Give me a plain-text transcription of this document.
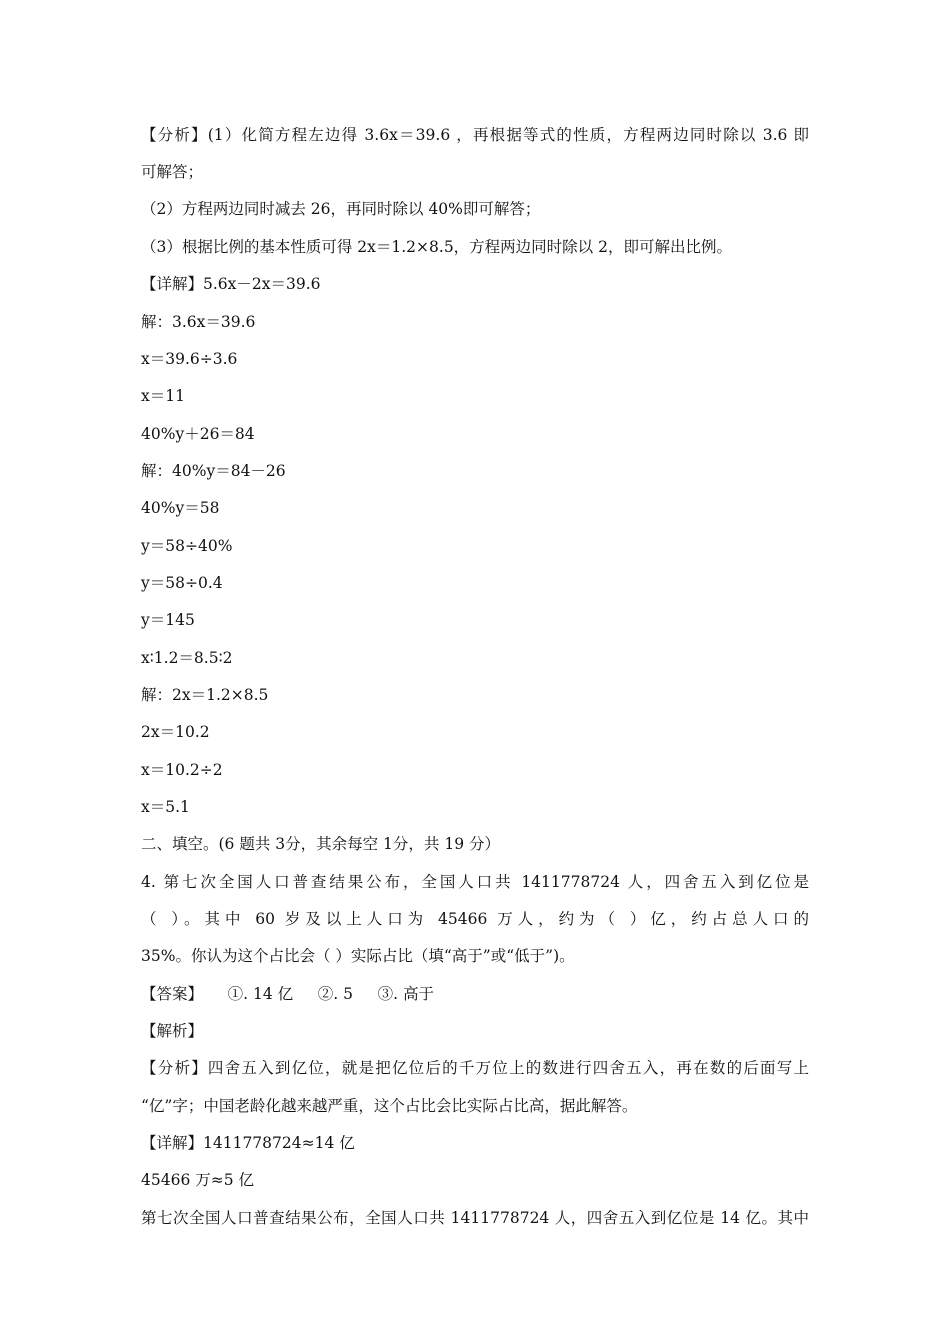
【分析】(1）化简方程左边得 3.6x＝39.6 ，再根据等式的性质，方程两边同时除以 3.6 即
可解答；
（2）方程两边同时减去 26，再同时除以 40%即可解答；
（3）根据比例的基本性质可得 2x＝1.2×8.5，方程两边同时除以 2，即可解出比例。
【详解】5.6x－2x＝39.6
解：3.6x＝39.6
x＝39.6÷3.6
x＝11
40%y＋26＝84
解：40%y＝84－26
40%y＝58
y＝58÷40%
y＝58÷0.4
y＝145
x∶1.2＝8.5∶2
解：2x＝1.2×8.5
2x＝10.2
x＝10.2÷2
x＝5.1
二、填空。(6 题共 3分，其余每空 1分，共 19 分）
4. 第七次全国人口普查结果公布，全国人口共 1411778724 人，四舍五入到亿位是
（ ）。其中 60 岁及以上人口为 45466 万人，约为（ ）亿，约占总人口的
35%。你认为这个占比会（ ）实际占比（填“高于”或“低于”)。
【答案】     ①. 14 亿     ②. 5     ③. 高于
【解析】
【分析】四舍五入到亿位，就是把亿位后的千万位上的数进行四舍五入，再在数的后面写上
“亿”字；中国老龄化越来越严重，这个占比会比实际占比高，据此解答。
【详解】1411778724≈14 亿
45466 万≈5 亿
第七次全国人口普查结果公布，全国人口共 1411778724 人，四舍五入到亿位是 14 亿。其中
